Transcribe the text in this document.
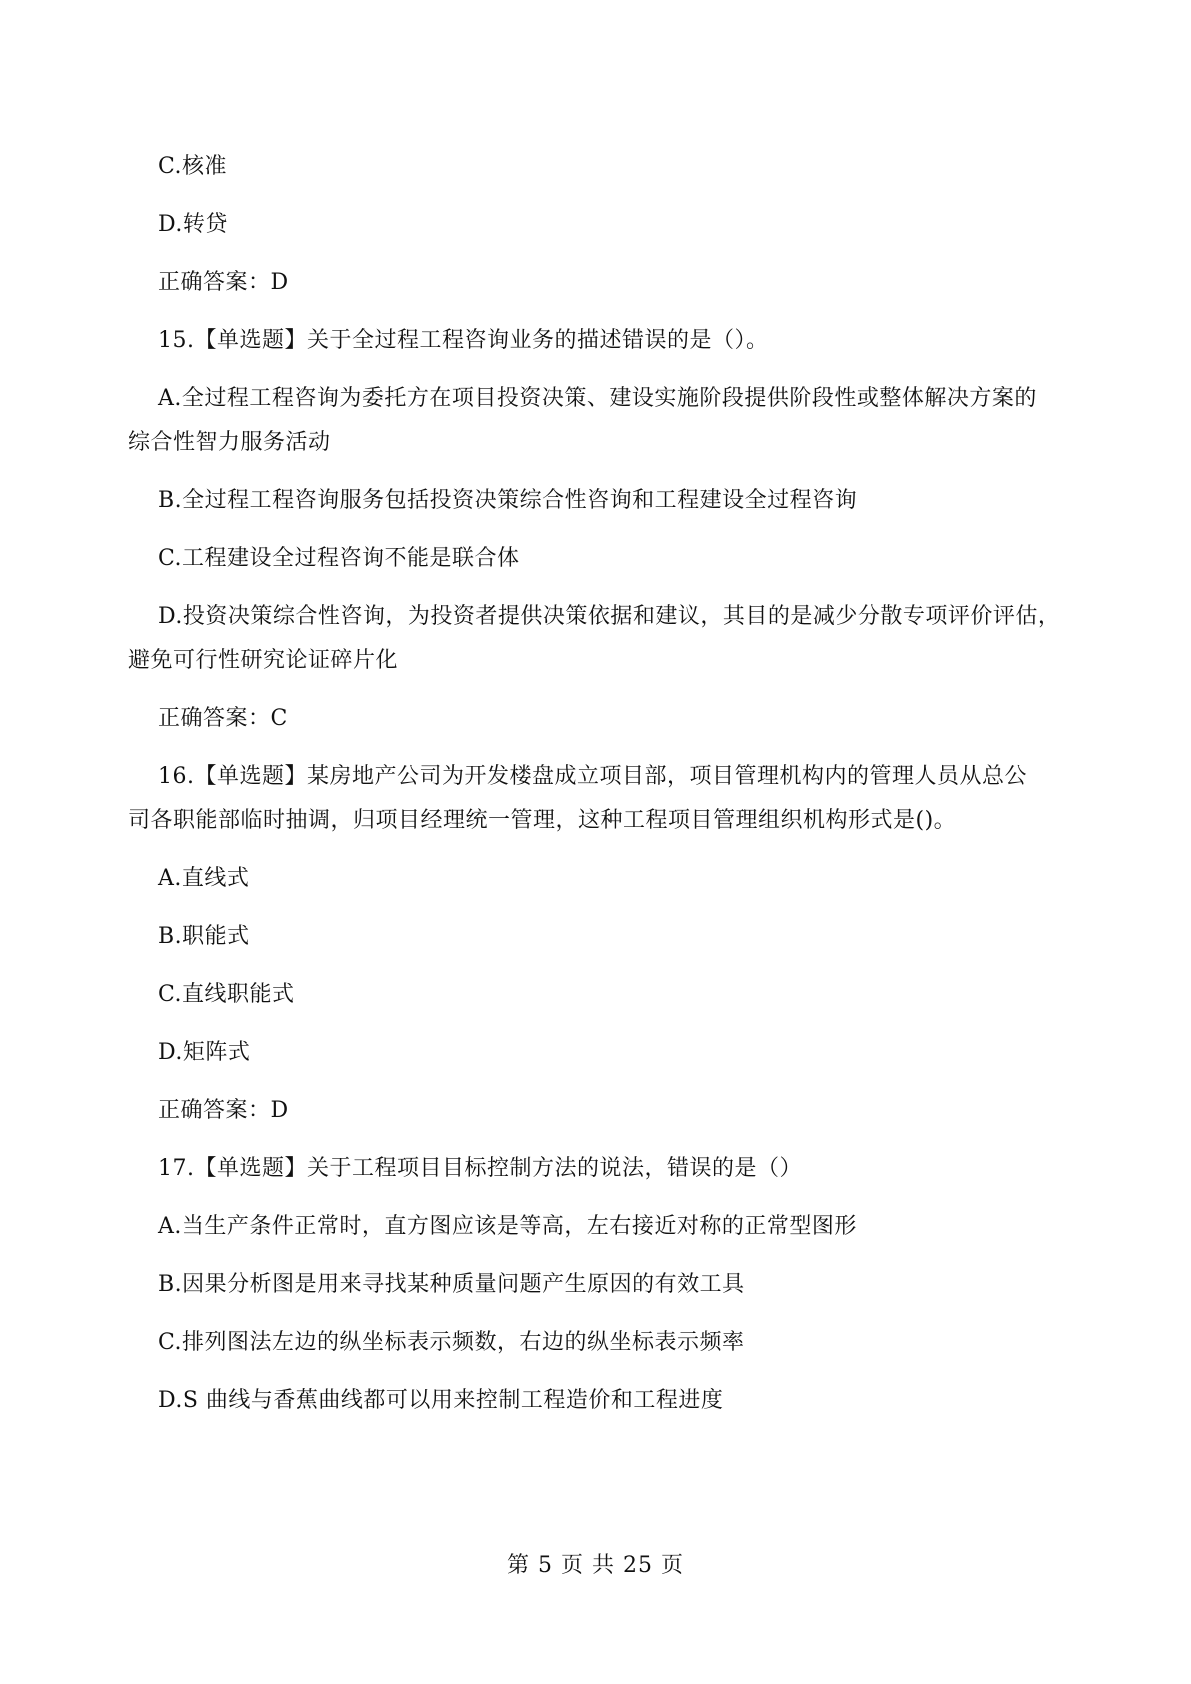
C.核准
D.转贷
正确答案：D
15.【单选题】关于全过程工程咨询业务的描述错误的是（）。
A.全过程工程咨询为委托方在项目投资决策、建设实施阶段提供阶段性或整体解决方案的
综合性智力服务活动
B.全过程工程咨询服务包括投资决策综合性咨询和工程建设全过程咨询
C.工程建设全过程咨询不能是联合体
D.投资决策综合性咨询，为投资者提供决策依据和建议，其目的是减少分散专项评价评估，
避免可行性研究论证碎片化
正确答案：C
16.【单选题】某房地产公司为开发楼盘成立项目部，项目管理机构内的管理人员从总公
司各职能部临时抽调，归项目经理统一管理，这种工程项目管理组织机构形式是()。
A.直线式
B.职能式
C.直线职能式
D.矩阵式
正确答案：D
17.【单选题】关于工程项目目标控制方法的说法，错误的是（）
A.当生产条件正常时，直方图应该是等高，左右接近对称的正常型图形
B.因果分析图是用来寻找某种质量问题产生原因的有效工具
C.排列图法左边的纵坐标表示频数，右边的纵坐标表示频率
D.S 曲线与香蕉曲线都可以用来控制工程造价和工程进度
第 5 页 共 25 页
